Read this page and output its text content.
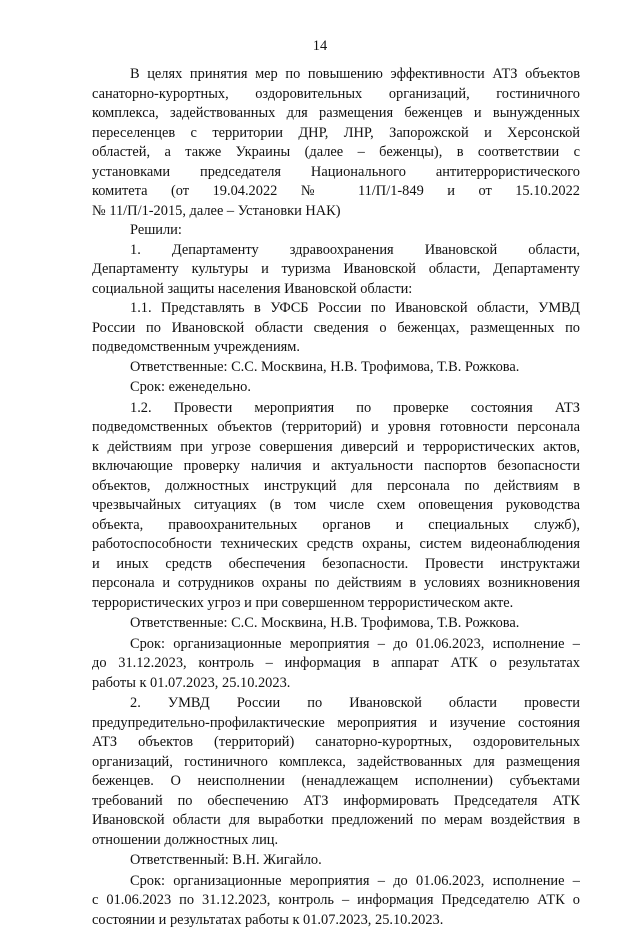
14
В целях принятия мер по повышению эффективности АТЗ объектов
санаторно-курортных, оздоровительных организаций, гостиничного
комплекса, задействованных для размещения беженцев и вынужденных
переселенцев с территории ДНР, ЛНР, Запорожской и Херсонской
областей, а также Украины (далее – беженцы), в соответствии с
установками председателя Национального антитеррористического
комитета (от 19.04.2022 № 11/П/1-849 и от 15.10.2022
№ 11/П/1-2015, далее – Установки НАК)
Решили:
1. Департаменту здравоохранения Ивановской области,
Департаменту культуры и туризма Ивановской области, Департаменту
социальной защиты населения Ивановской области:
1.1. Представлять в УФСБ России по Ивановской области, УМВД
России по Ивановской области сведения о беженцах, размещенных по
подведомственным учреждениям.
Ответственные: С.С. Москвина, Н.В. Трофимова, Т.В. Рожкова.
Срок: еженедельно.
1.2. Провести мероприятия по проверке состояния АТЗ
подведомственных объектов (территорий) и уровня готовности персонала
к действиям при угрозе совершения диверсий и террористических актов,
включающие проверку наличия и актуальности паспортов безопасности
объектов, должностных инструкций для персонала по действиям в
чрезвычайных ситуациях (в том числе схем оповещения руководства
объекта, правоохранительных органов и специальных служб),
работоспособности технических средств охраны, систем видеонаблюдения
и иных средств обеспечения безопасности. Провести инструктажи
персонала и сотрудников охраны по действиям в условиях возникновения
террористических угроз и при совершенном террористическом акте.
Ответственные: С.С. Москвина, Н.В. Трофимова, Т.В. Рожкова.
Срок: организационные мероприятия – до 01.06.2023, исполнение –
до 31.12.2023, контроль – информация в аппарат АТК о результатах
работы к 01.07.2023, 25.10.2023.
2. УМВД России по Ивановской области провести
предупредительно-профилактические мероприятия и изучение состояния
АТЗ объектов (территорий) санаторно-курортных, оздоровительных
организаций, гостиничного комплекса, задействованных для размещения
беженцев. О неисполнении (ненадлежащем исполнении) субъектами
требований по обеспечению АТЗ информировать Председателя АТК
Ивановской области для выработки предложений по мерам воздействия в
отношении должностных лиц.
Ответственный: В.Н. Жигайло.
Срок: организационные мероприятия – до 01.06.2023, исполнение –
с 01.06.2023 по 31.12.2023, контроль – информация Председателю АТК о
состоянии и результатах работы к 01.07.2023, 25.10.2023.
